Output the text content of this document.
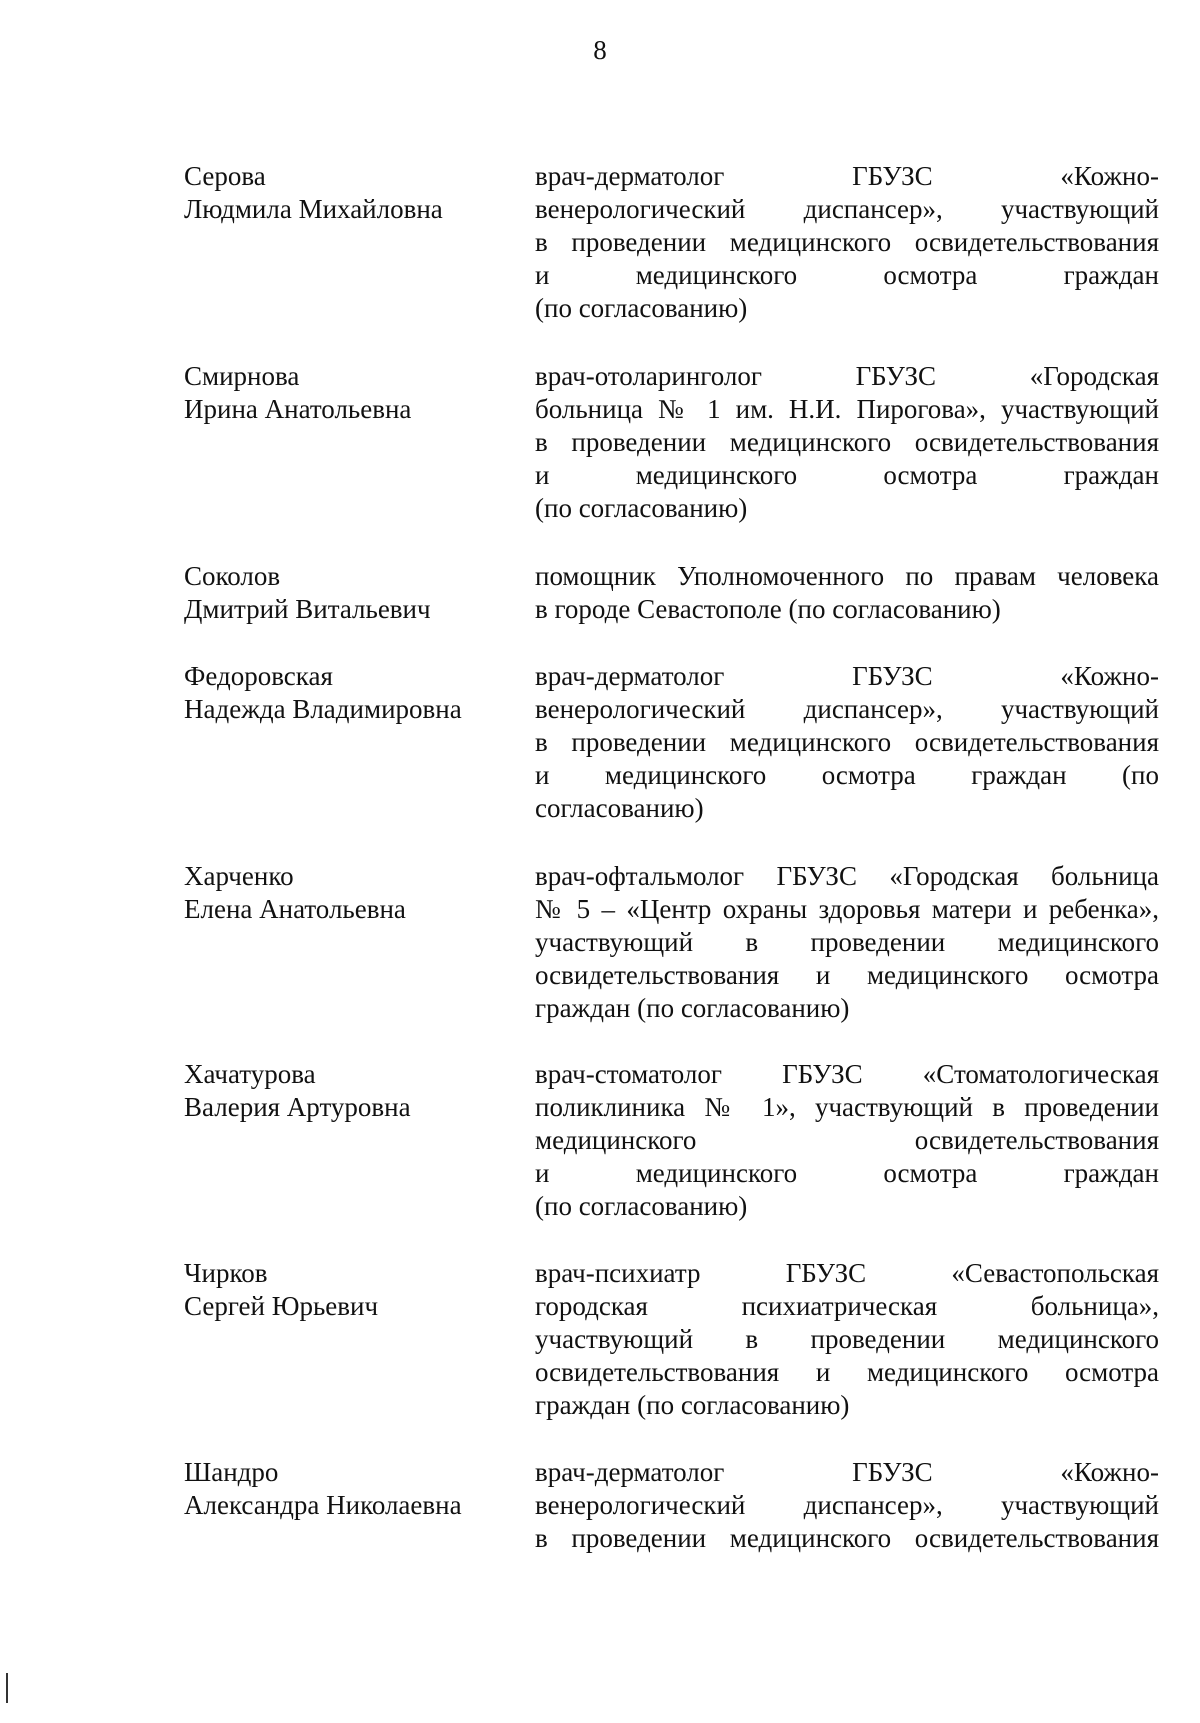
8
Серова
Людмила Михайловна
врач-дерматолог ГБУЗС «Кожно-
венерологический диспансер», участвующий
в проведении медицинского освидетельствования
и медицинского осмотра граждан
(по согласованию)
Смирнова
Ирина Анатольевна
врач-отоларинголог ГБУЗС «Городская
больница № 1 им. Н.И. Пирогова», участвующий
в проведении медицинского освидетельствования
и медицинского осмотра граждан
(по согласованию)
Соколов
Дмитрий Витальевич
помощник Уполномоченного по правам человека
в городе Севастополе (по согласованию)
Федоровская
Надежда Владимировна
врач-дерматолог ГБУЗС «Кожно-
венерологический диспансер», участвующий
в проведении медицинского освидетельствования
и медицинского осмотра граждан (по
согласованию)
Харченко
Елена Анатольевна
врач-офтальмолог ГБУЗС «Городская больница
№ 5 – «Центр охраны здоровья матери и ребенка»,
участвующий в проведении медицинского
освидетельствования и медицинского осмотра
граждан (по согласованию)
Хачатурова
Валерия Артуровна
врач-стоматолог ГБУЗС «Стоматологическая
поликлиника № 1», участвующий в проведении
медицинского освидетельствования
и медицинского осмотра граждан
(по согласованию)
Чирков
Сергей Юрьевич
врач-психиатр ГБУЗС «Севастопольская
городская психиатрическая больница»,
участвующий в проведении медицинского
освидетельствования и медицинского осмотра
граждан (по согласованию)
Шандро
Александра Николаевна
врач-дерматолог ГБУЗС «Кожно-
венерологический диспансер», участвующий
в проведении медицинского освидетельствования
